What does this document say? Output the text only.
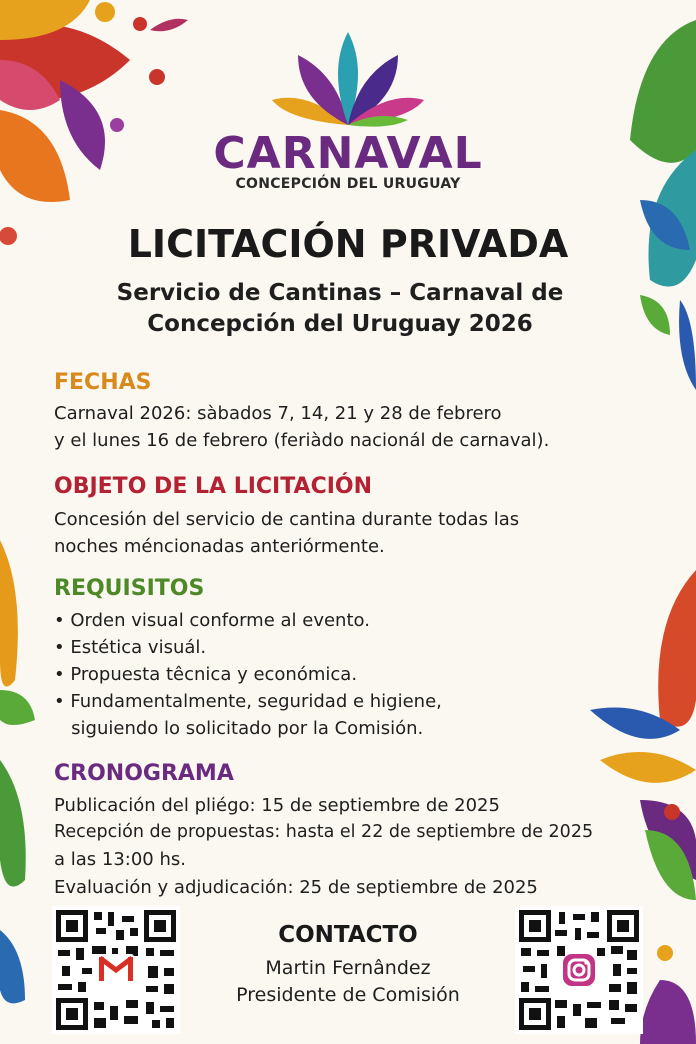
CARNAVAL
CONCEPCIÓN DEL URUGUAY
LICITACIÓN PRIVADA
Servicio de Cantinas – Carnaval de
Concepción del Uruguay 2026
FECHAS
Carnaval 2026: sàbados 7, 14, 21 y 28 de febrero
y el lunes 16 de febrero (feriàdo nacionál de carnaval).
OBJETO DE LA LICITACIÓN
Concesión del servicio de cantina durante todas las
noches méncionadas anteriórmente.
REQUISITOS
• Orden visual conforme al evento.
• Estética visuál.
• Propuesta têcnica y económica.
• Fundamentalmente, seguridad e higiene,
siguiendo lo solicitado por la Comisión.
CRONOGRAMA
Publicación del pliégo: 15 de septiembre de 2025
Recepción de propuestas: hasta el 22 de septiembre de 2025
a las 13:00 hs.
Evaluación y adjudicación: 25 de septiembre de 2025
CONTACTO
Martin Fernândez
Presidente de Comisión
